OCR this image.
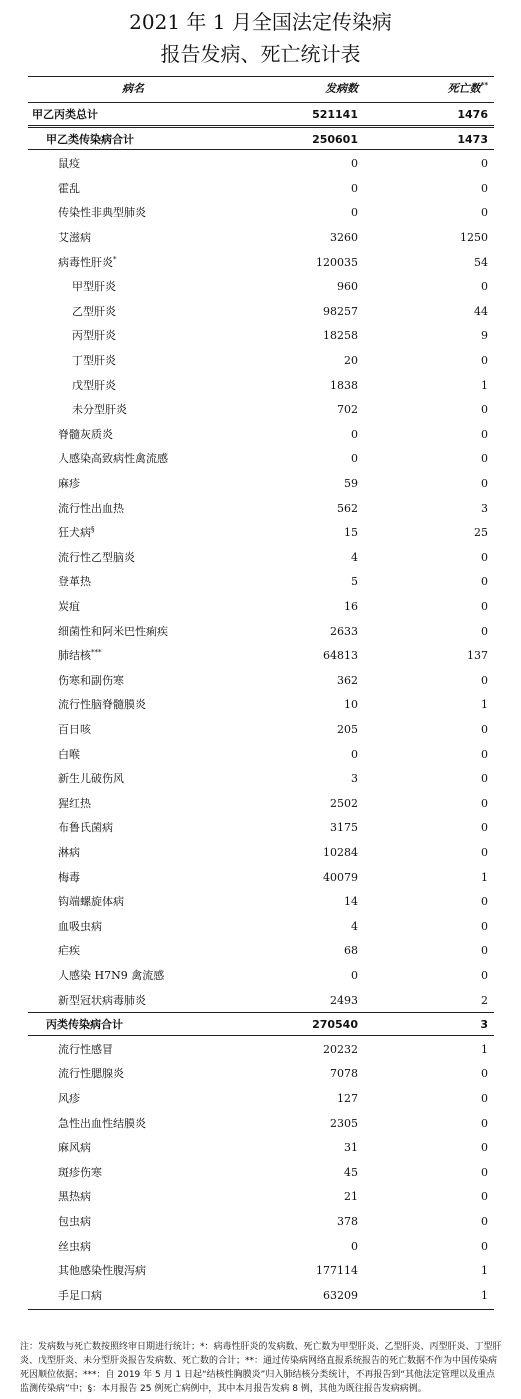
2021 年 1 月全国法定传染病
报告发病、死亡统计表
病名	发病数	死亡数**
甲乙丙类总计	521141	1476
甲乙类传染病合计	250601	1473
鼠疫	0	0
霍乱	0	0
传染性非典型肺炎	0	0
艾滋病	3260	1250
病毒性肝炎*	120035	54
甲型肝炎	960	0
乙型肝炎	98257	44
丙型肝炎	18258	9
丁型肝炎	20	0
戊型肝炎	1838	1
未分型肝炎	702	0
脊髓灰质炎	0	0
人感染高致病性禽流感	0	0
麻疹	59	0
流行性出血热	562	3
狂犬病§	15	25
流行性乙型脑炎	4	0
登革热	5	0
炭疽	16	0
细菌性和阿米巴性痢疾	2633	0
肺结核***	64813	137
伤寒和副伤寒	362	0
流行性脑脊髓膜炎	10	1
百日咳	205	0
白喉	0	0
新生儿破伤风	3	0
猩红热	2502	0
布鲁氏菌病	3175	0
淋病	10284	0
梅毒	40079	1
钩端螺旋体病	14	0
血吸虫病	4	0
疟疾	68	0
人感染 H7N9 禽流感	0	0
新型冠状病毒肺炎	2493	2
丙类传染病合计	270540	3
流行性感冒	20232	1
流行性腮腺炎	7078	0
风疹	127	0
急性出血性结膜炎	2305	0
麻风病	31	0
斑疹伤寒	45	0
黑热病	21	0
包虫病	378	0
丝虫病	0	0
其他感染性腹泻病	177114	1
手足口病	63209	1
注：发病数与死亡数按照终审日期进行统计；*：病毒性肝炎的发病数、死亡数为甲型肝炎、乙型肝炎、丙型肝炎、丁型肝炎、戊型肝炎、未分型肝炎报告发病数、死亡数的合计；**：通过传染病网络直报系统报告的死亡数据不作为中国传染病死因顺位依据；***：自 2019 年 5 月 1 日起“结核性胸膜炎”归入肺结核分类统计，不再报告到“其他法定管理以及重点监测传染病”中；§：本月报告 25 例死亡病例中，其中本月报告发病 8 例，其他为既往报告发病病例。
